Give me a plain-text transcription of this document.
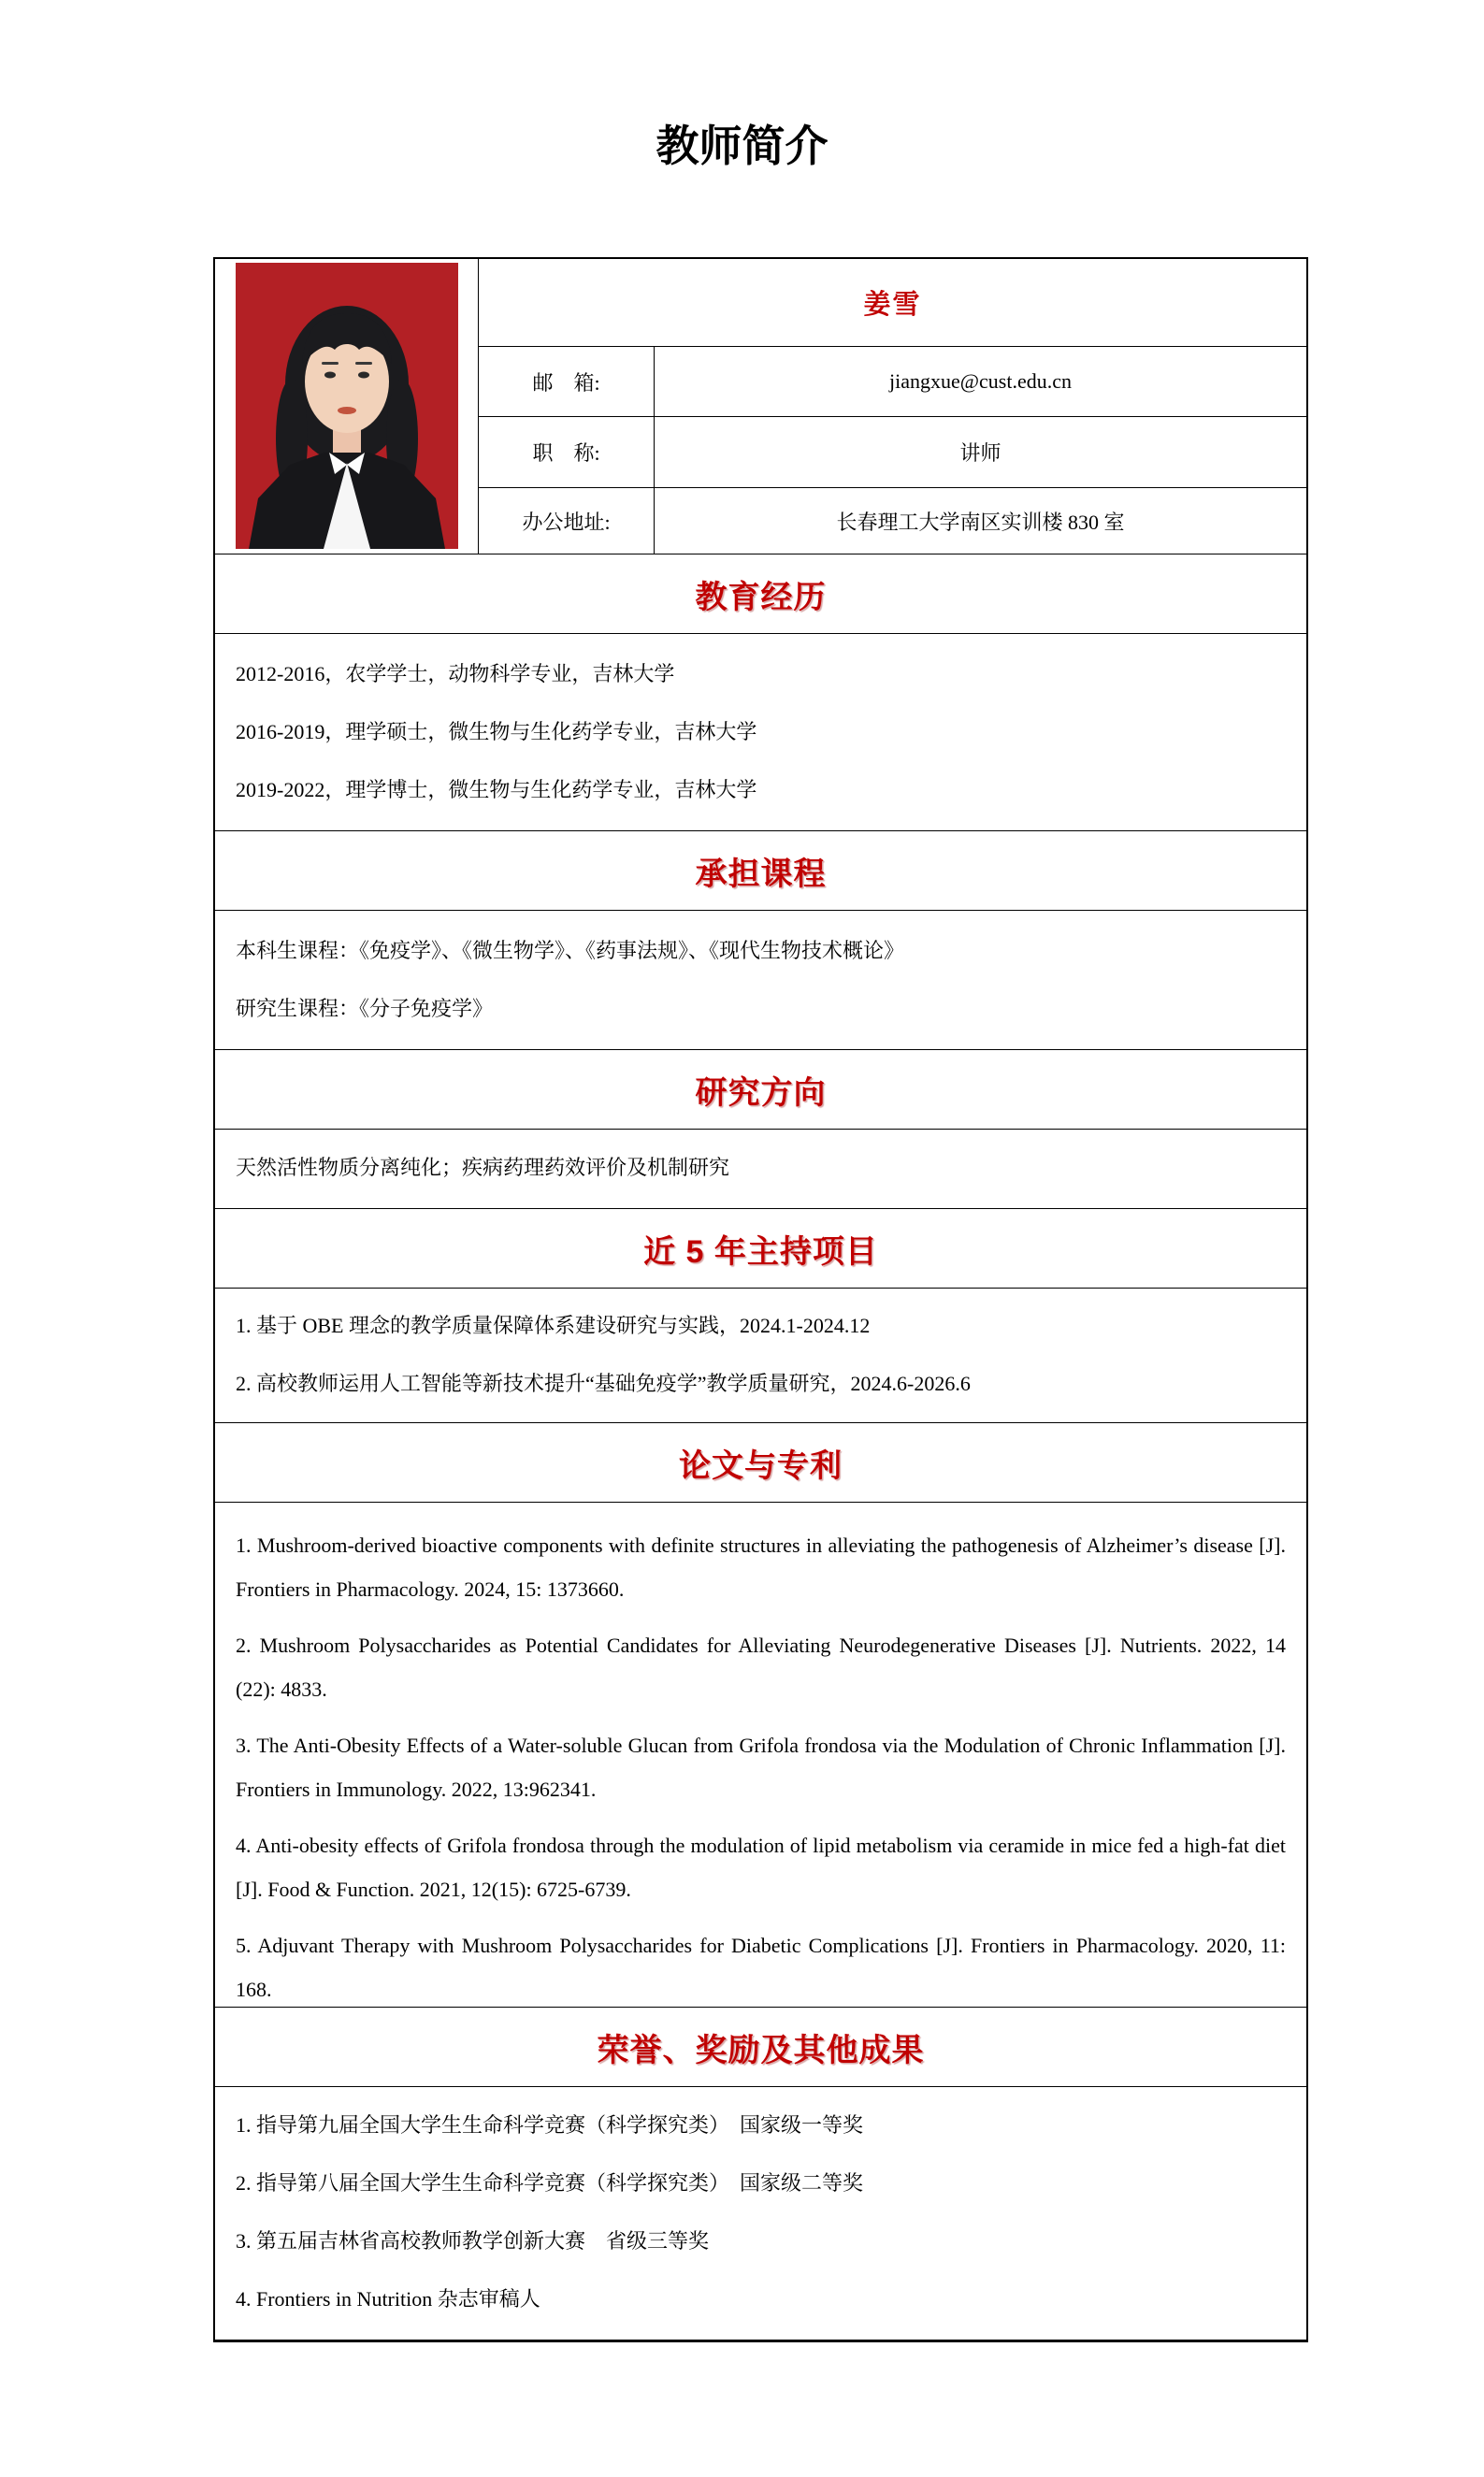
教师简介
姜雪
邮　箱:	jiangxue@cust.edu.cn
职　称:	讲师
办公地址:	长春理工大学南区实训楼 830 室
教育经历

2012-2016，农学学士，动物科学专业，吉林大学

2016-2019，理学硕士，微生物与生化药学专业，吉林大学

2019-2022，理学博士，微生物与生化药学专业，吉林大学

承担课程

本科生课程：《免疫学》、《微生物学》、《药事法规》、《现代生物技术概论》

研究生课程：《分子免疫学》

研究方向

天然活性物质分离纯化；疾病药理药效评价及机制研究

近 5 年主持项目

1. 基于 OBE 理念的教学质量保障体系建设研究与实践，2024.1-2024.12

2. 高校教师运用人工智能等新技术提升“基础免疫学”教学质量研究，2024.6-2026.6

论文与专利

1. Mushroom-derived bioactive components with definite structures in alleviating the pathogenesis of Alzheimer’s disease [J]. Frontiers in Pharmacology. 2024, 15: 1373660.

2. Mushroom Polysaccharides as Potential Candidates for Alleviating Neurodegenerative Diseases [J]. Nutrients. 2022, 14 (22): 4833.

3. The Anti-Obesity Effects of a Water-soluble Glucan from Grifola frondosa via the Modulation of Chronic Inflammation [J]. Frontiers in Immunology. 2022, 13:962341.

4. Anti-obesity effects of Grifola frondosa through the modulation of lipid metabolism via ceramide in mice fed a high-fat diet [J]. Food & Function. 2021, 12(15): 6725-6739.

5. Adjuvant Therapy with Mushroom Polysaccharides for Diabetic Complications [J]. Frontiers in Pharmacology. 2020, 11: 168.

荣誉、奖励及其他成果

1. 指导第九届全国大学生生命科学竞赛（科学探究类）　国家级一等奖

2. 指导第八届全国大学生生命科学竞赛（科学探究类）　国家级二等奖

3. 第五届吉林省高校教师教学创新大赛　省级三等奖

4. Frontiers in Nutrition 杂志审稿人
